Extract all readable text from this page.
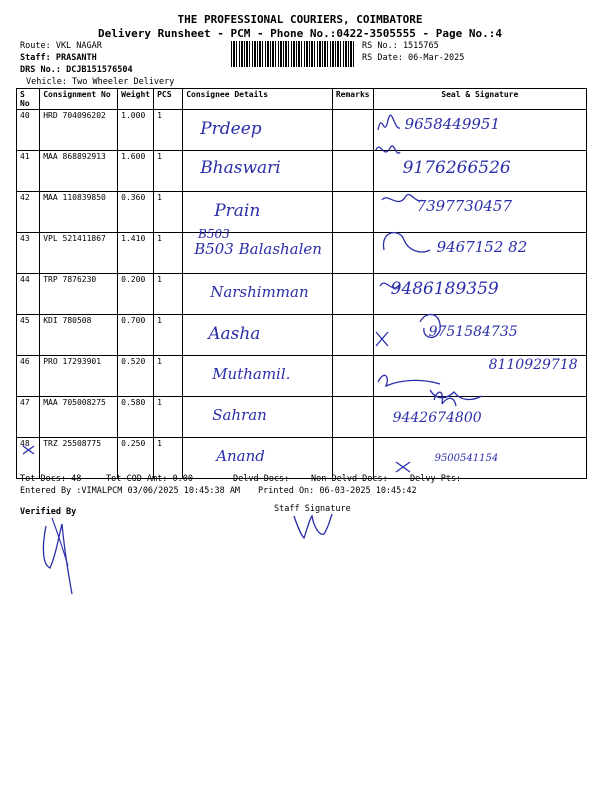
THE PROFESSIONAL COURIERS, COIMBATORE
Delivery Runsheet - PCM - Phone No.:0422-3505555 - Page No.:4
Route: VKL NAGAR
Staff: PRASANTH
DRS No.: DCJB151576504
Vehicle: Two Wheeler Delivery
RS No.: 1515765
RS Date: 06-Mar-2025
S No	Consignment No	Weight	PCS	Consignee Details	Remarks	Seal & Signature
40	HRD 704096202	1.000	1	Prdeep		9658449951
41	MAA 868892913	1.600	1	Bhaswari		9176266526
42	MAA 110839850	0.360	1	Prain		7397730457
43	VPL 521411867	1.410	1	B503 Balashalen		9467152 82
44	TRP 7876230	0.200	1	Narshimman		9486189359
45	KDI 780508	0.700	1	Aasha		9751584735
46	PRO 17293901	0.520	1	Muthamil.		8110929718
47	MAA 705008275	0.580	1	Sahran		9442674800
48	TRZ 25508775	0.250	1	Anand		9500541154
B503
Tot Docs: 48	Tot COD Amt: 0.00	Delvd Docs:	Non Delvd Docs:	Delvy Pts:
Entered By :VIMALPCM 03/06/2025 10:45:38 AM Printed On: 06-03-2025 10:45:42
Verified By	Staff Signature
